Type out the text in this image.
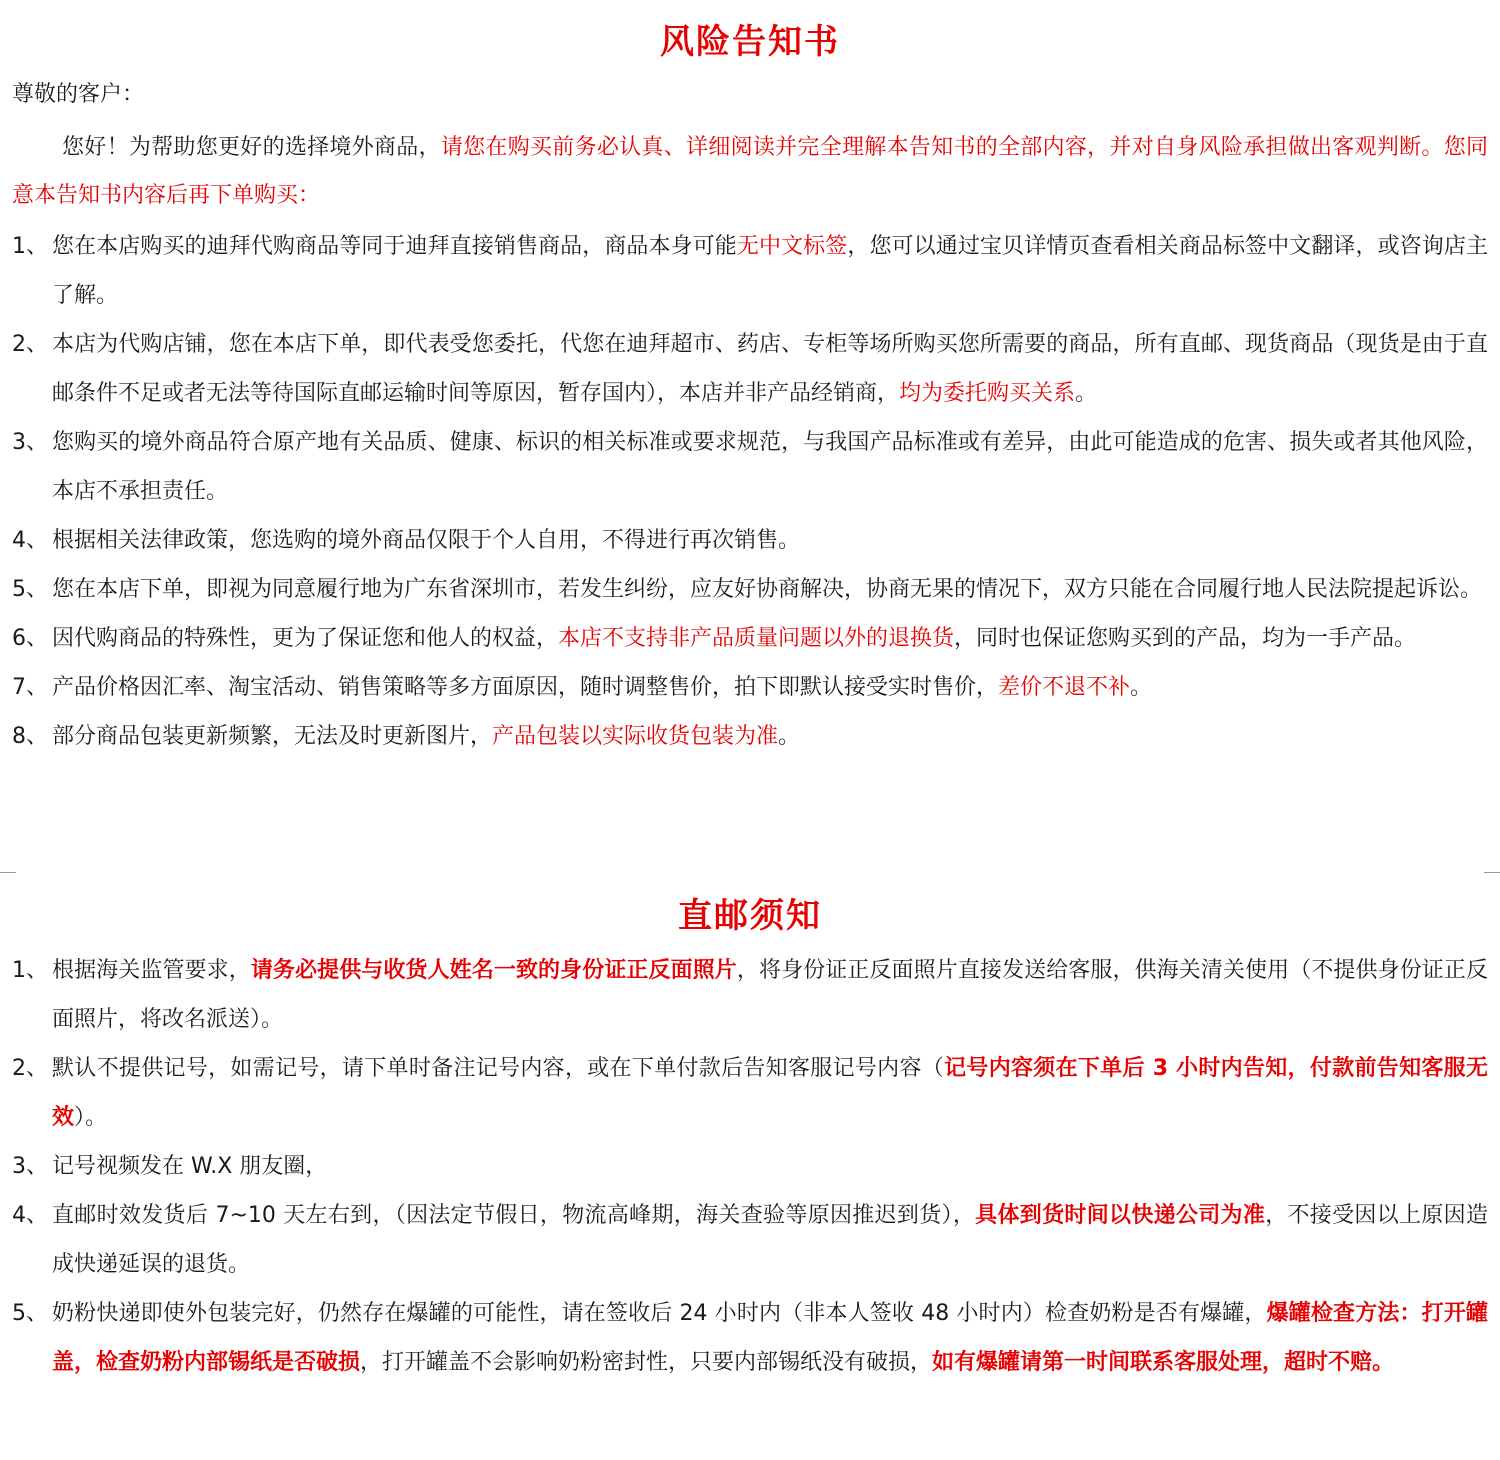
风险告知书
尊敬的客户：
您好！为帮助您更好的选择境外商品，请您在购买前务必认真、详细阅读并完全理解本告知书的全部内容，并对自身风险承担做出客观判断。您同意本告知书内容后再下单购买：
1、 您在本店购买的迪拜代购商品等同于迪拜直接销售商品，商品本身可能无中文标签，您可以通过宝贝详情页查看相关商品标签中文翻译，或咨询店主了解。
2、 本店为代购店铺，您在本店下单，即代表受您委托，代您在迪拜超市、药店、专柜等场所购买您所需要的商品，所有直邮、现货商品（现货是由于直邮条件不足或者无法等待国际直邮运输时间等原因，暂存国内），本店并非产品经销商，均为委托购买关系。
3、 您购买的境外商品符合原产地有关品质、健康、标识的相关标准或要求规范，与我国产品标准或有差异，由此可能造成的危害、损失或者其他风险，本店不承担责任。
4、 根据相关法律政策，您选购的境外商品仅限于个人自用，不得进行再次销售。
5、 您在本店下单，即视为同意履行地为广东省深圳市，若发生纠纷，应友好协商解决，协商无果的情况下，双方只能在合同履行地人民法院提起诉讼。
6、 因代购商品的特殊性，更为了保证您和他人的权益，本店不支持非产品质量问题以外的退换货，同时也保证您购买到的产品，均为一手产品。
7、 产品价格因汇率、淘宝活动、销售策略等多方面原因，随时调整售价，拍下即默认接受实时售价，差价不退不补。
8、 部分商品包装更新频繁，无法及时更新图片，产品包装以实际收货包装为准。
直邮须知
1、 根据海关监管要求，请务必提供与收货人姓名一致的身份证正反面照片，将身份证正反面照片直接发送给客服，供海关清关使用（不提供身份证正反面照片，将改名派送）。
2、 默认不提供记号，如需记号，请下单时备注记号内容，或在下单付款后告知客服记号内容（记号内容须在下单后 3 小时内告知，付款前告知客服无效）。
3、 记号视频发在 W.X 朋友圈，
4、 直邮时效发货后 7~10 天左右到，（因法定节假日，物流高峰期，海关查验等原因推迟到货），具体到货时间以快递公司为准，不接受因以上原因造成快递延误的退货。
5、 奶粉快递即使外包装完好，仍然存在爆罐的可能性，请在签收后 24 小时内（非本人签收 48 小时内）检查奶粉是否有爆罐，爆罐检查方法：打开罐盖，检查奶粉内部锡纸是否破损，打开罐盖不会影响奶粉密封性，只要内部锡纸没有破损，如有爆罐请第一时间联系客服处理，超时不赔。
